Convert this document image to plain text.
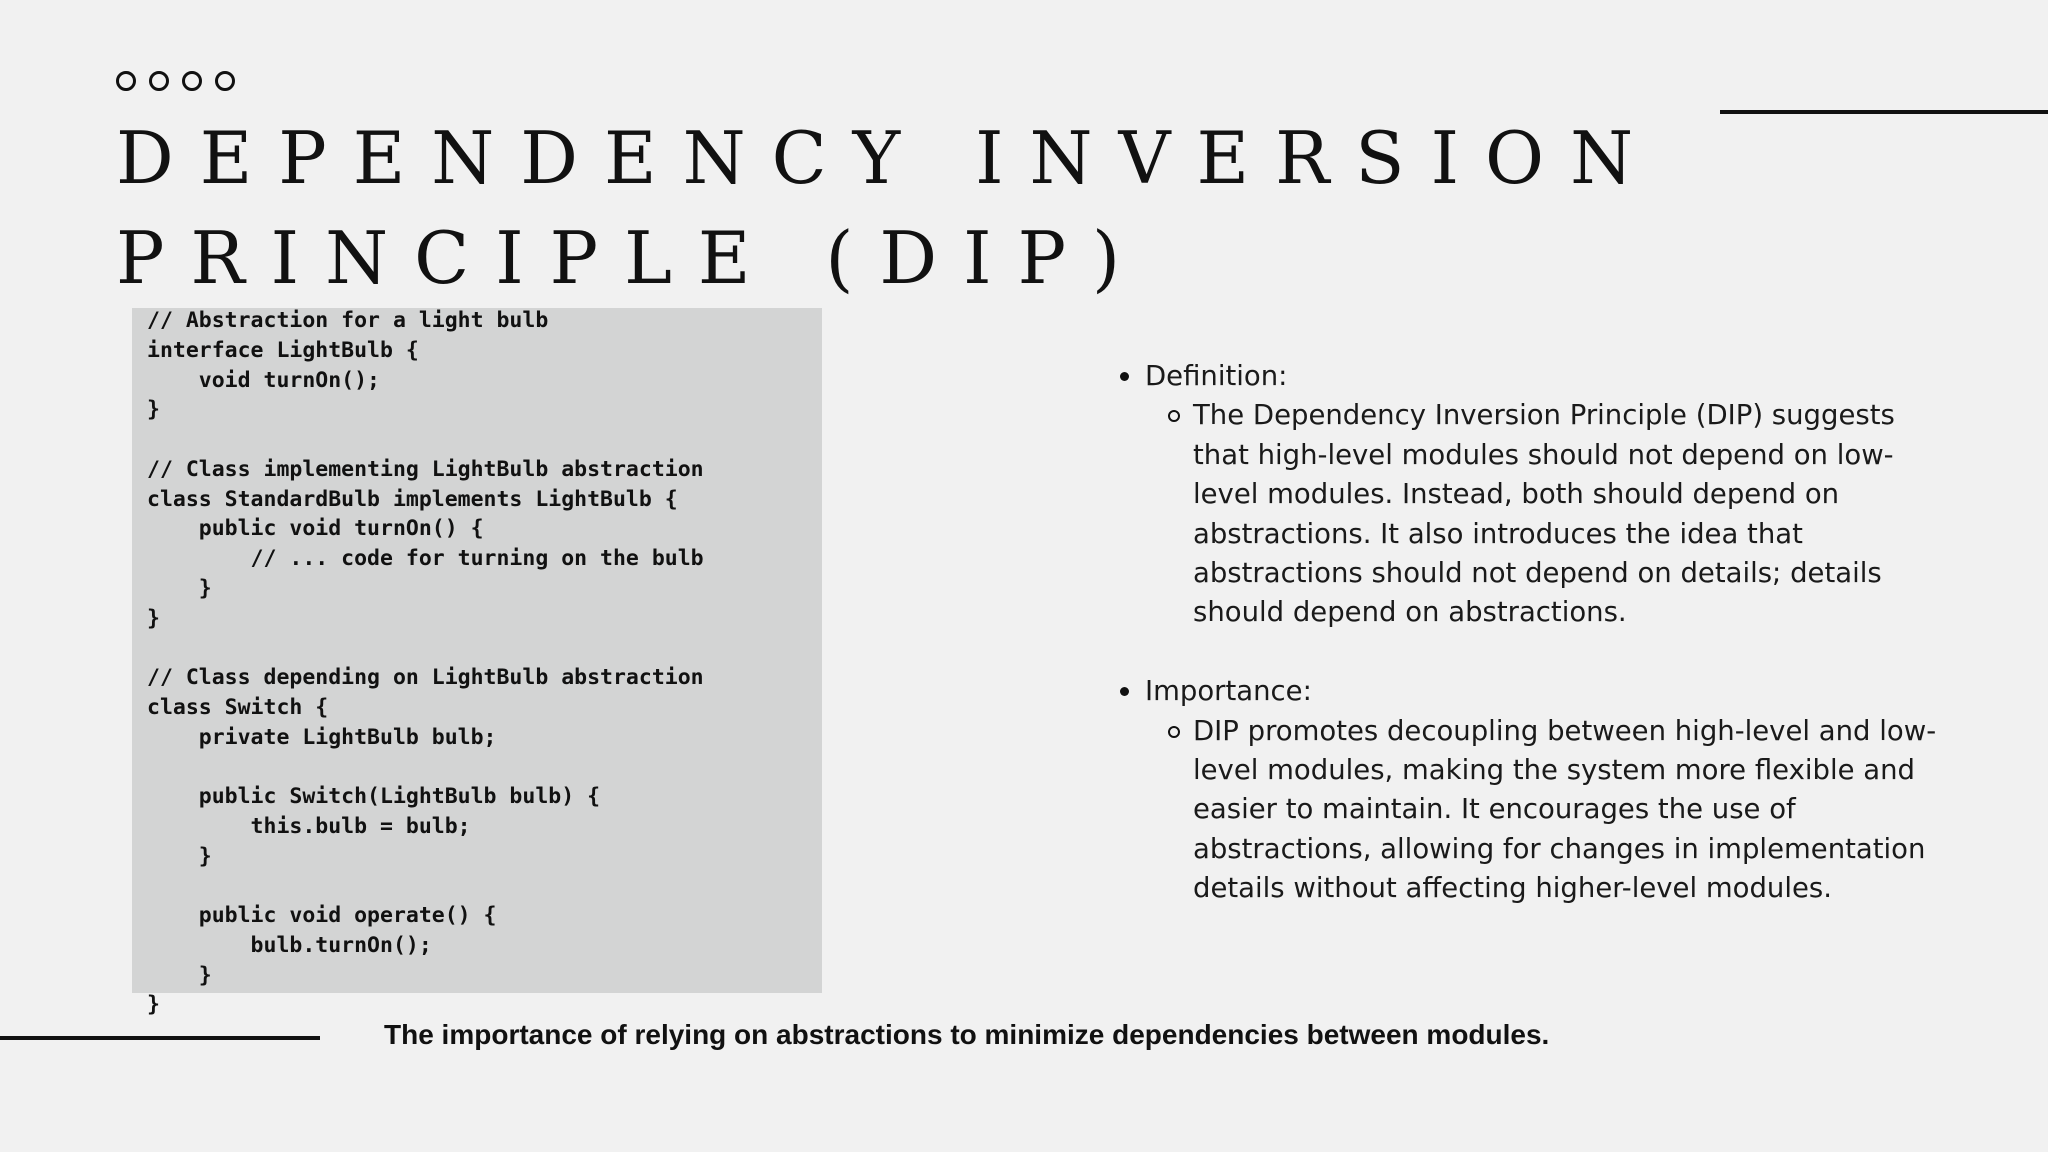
DEPENDENCY INVERSION
PRINCIPLE (DIP)
// Abstraction for a light bulb
interface LightBulb {
void turnOn();
}

// Class implementing LightBulb abstraction
class StandardBulb implements LightBulb {
public void turnOn() {
// ... code for turning on the bulb
}
}

// Class depending on LightBulb abstraction
class Switch {
private LightBulb bulb;

public Switch(LightBulb bulb) {
this.bulb = bulb;
}

public void operate() {
bulb.turnOn();
}
}
Definition:
The Dependency Inversion Principle (DIP) suggests that high-level modules should not depend on low-level modules. Instead, both should depend on abstractions. It also introduces the idea that abstractions should not depend on details; details should depend on abstractions.
Importance:
DIP promotes decoupling between high-level and low-level modules, making the system more flexible and easier to maintain. It encourages the use of abstractions, allowing for changes in implementation details without affecting higher-level modules.
The importance of relying on abstractions to minimize dependencies between modules.
